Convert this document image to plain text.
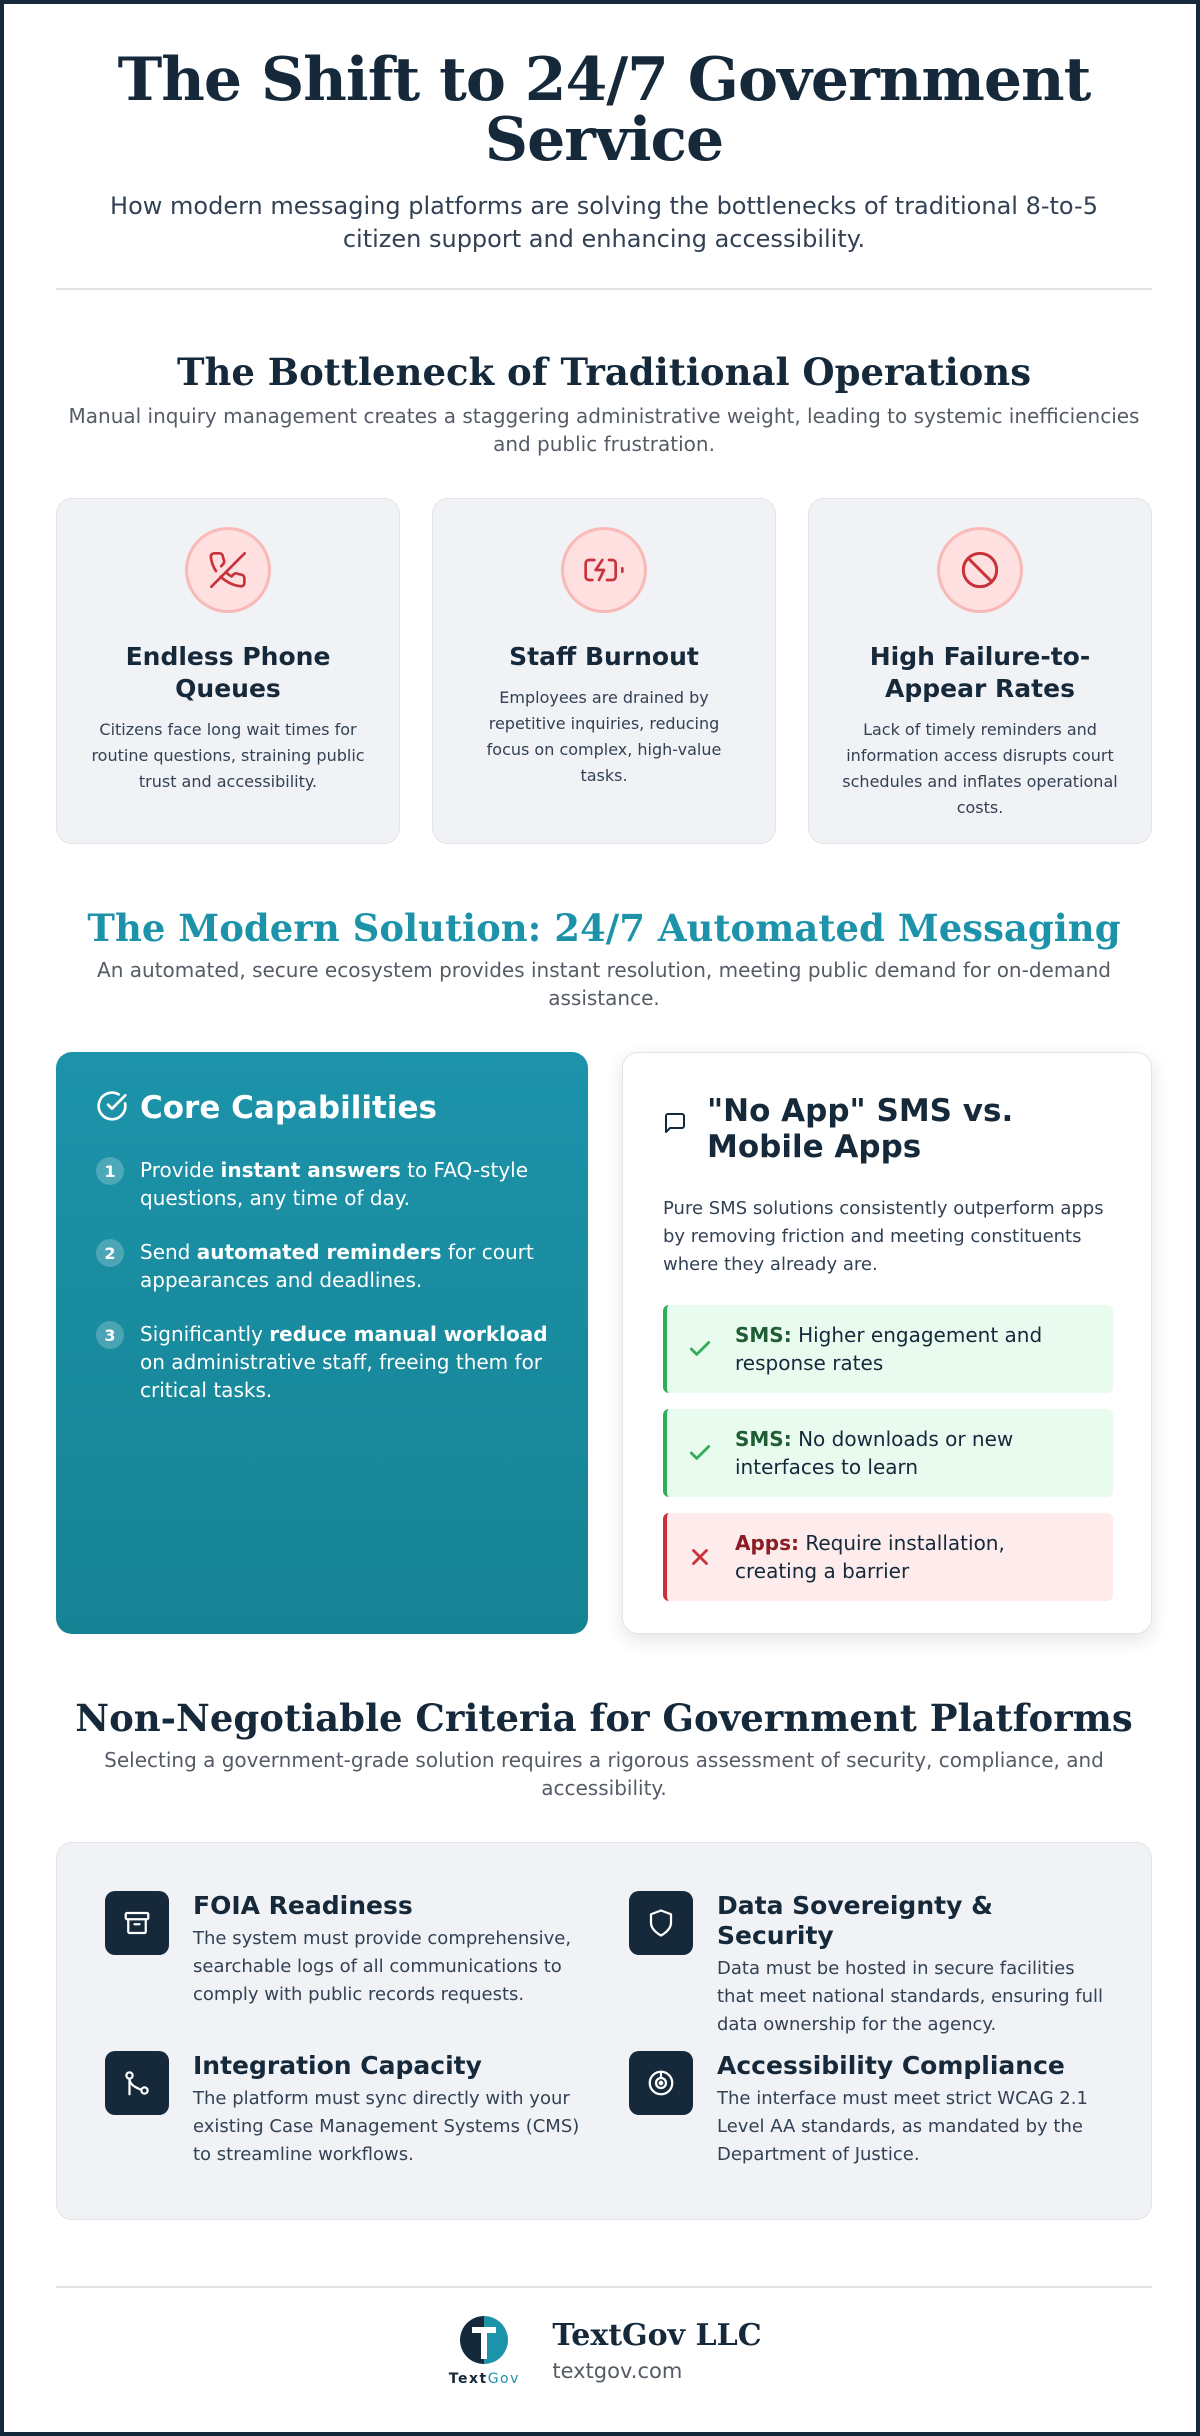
The Shift to 24/7 Government Service

How modern messaging platforms are solving the bottlenecks of traditional 8-to-5 citizen support and enhancing accessibility.

The Bottleneck of Traditional Operations

Manual inquiry management creates a staggering administrative weight, leading to systemic inefficiencies and public frustration.

Endless Phone Queues

Citizens face long wait times for routine questions, straining public trust and accessibility.

Staff Burnout

Employees are drained by repetitive inquiries, reducing focus on complex, high-value tasks.

High Failure-to-Appear Rates

Lack of timely reminders and information access disrupts court schedules and inflates operational costs.

The Modern Solution: 24/7 Automated Messaging

An automated, secure ecosystem provides instant resolution, meeting public demand for on-demand assistance.

Core Capabilities
1	Provide instant answers to FAQ-style questions, any time of day.
2	Send automated reminders for court appearances and deadlines.
3	Significantly reduce manual workload on administrative staff, freeing them for critical tasks.
"No App" SMS vs. Mobile Apps

Pure SMS solutions consistently outperform apps by removing friction and meeting constituents where they already are.

SMS: Higher engagement and response rates
SMS: No downloads or new interfaces to learn
Apps: Require installation, creating a barrier
Non-Negotiable Criteria for Government Platforms

Selecting a government-grade solution requires a rigorous assessment of security, compliance, and accessibility.

FOIA Readiness

The system must provide comprehensive, searchable logs of all communications to comply with public records requests.

Data Sovereignty & Security

Data must be hosted in secure facilities that meet national standards, ensuring full data ownership for the agency.

Integration Capacity

The platform must sync directly with your existing Case Management Systems (CMS) to streamline workflows.

Accessibility Compliance

The interface must meet strict WCAG 2.1 Level AA standards, as mandated by the Department of Justice.

TextGov
TextGov LLC
textgov.com
